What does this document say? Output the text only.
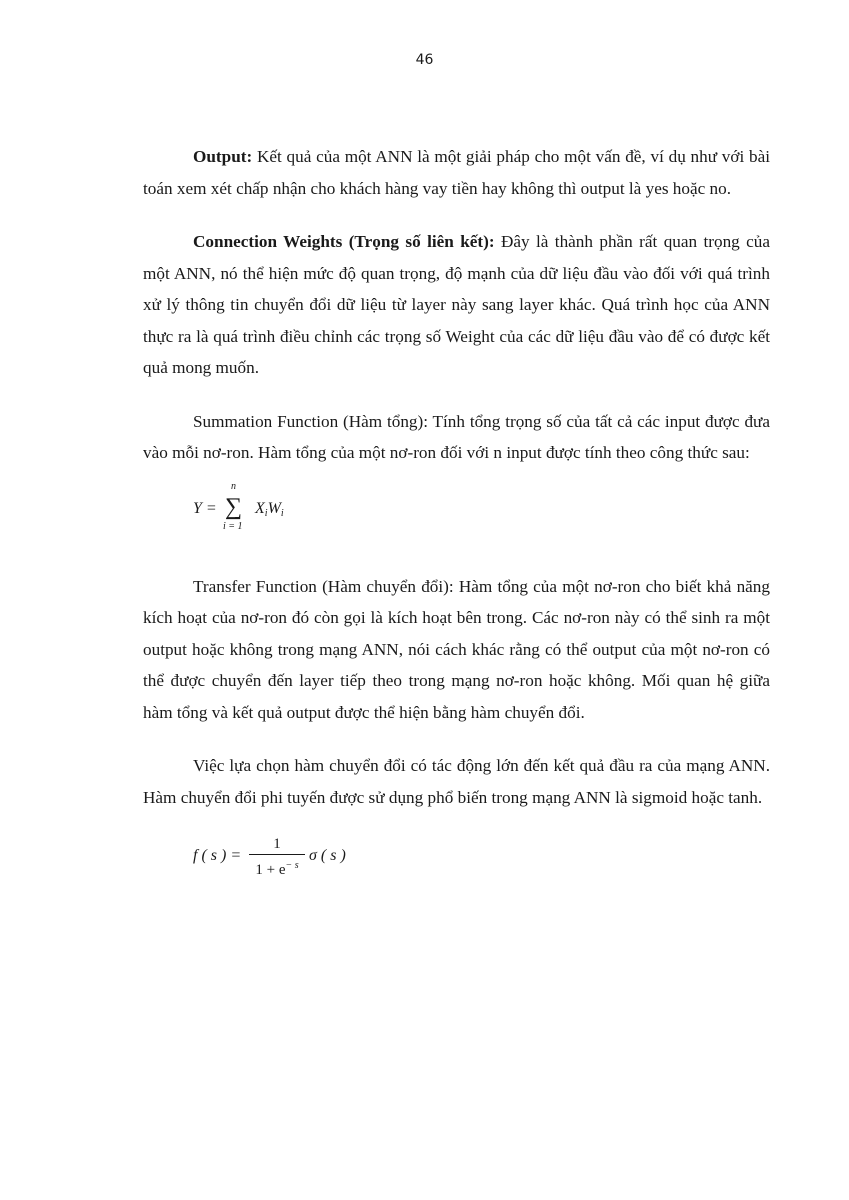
46

Output: Kết quả của một ANN là một giải pháp cho một vấn đề, ví dụ như với bài toán xem xét chấp nhận cho khách hàng vay tiền hay không thì output là yes hoặc no.

Connection Weights (Trọng số liên kết): Đây là thành phần rất quan trọng của một ANN, nó thể hiện mức độ quan trọng, độ mạnh của dữ liệu đầu vào đối với quá trình xử lý thông tin chuyển đổi dữ liệu từ layer này sang layer khác. Quá trình học của ANN thực ra là quá trình điều chỉnh các trọng số Weight của các dữ liệu đầu vào để có được kết quả mong muốn.

Summation Function (Hàm tổng): Tính tổng trọng số của tất cả các input được đưa vào mỗi nơ-ron. Hàm tổng của một nơ-ron đối với n input được tính theo công thức sau:

Y =
n
∑
i = 1
$X_iW_i$

Transfer Function (Hàm chuyển đổi): Hàm tổng của một nơ-ron cho biết khả năng kích hoạt của nơ-ron đó còn gọi là kích hoạt bên trong. Các nơ-ron này có thể sinh ra một output hoặc không trong mạng ANN, nói cách khác rằng có thể output của một nơ-ron có thể được chuyển đến layer tiếp theo trong mạng nơ-ron hoặc không. Mối quan hệ giữa hàm tổng và kết quả output được thể hiện bằng hàm chuyển đổi.

Việc lựa chọn hàm chuyển đổi có tác động lớn đến kết quả đầu ra của mạng ANN. Hàm chuyển đổi phi tuyến được sử dụng phổ biến trong mạng ANN là sigmoid hoặc tanh.

f ( s ) =
1
$1 + e^{- s}$
σ ( s )
